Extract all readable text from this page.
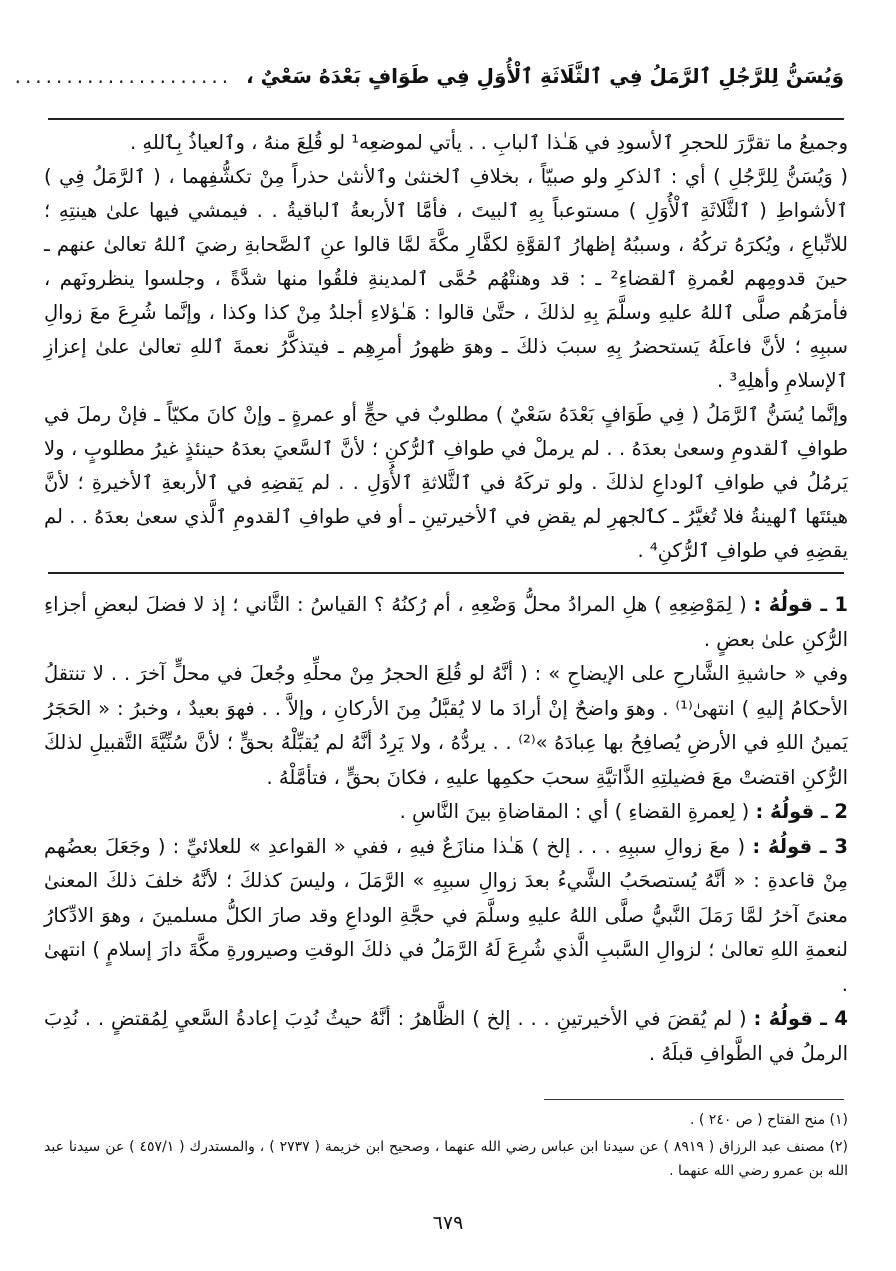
وَيُسَنُّ لِلرَّجُلِ ٱلرَّمَلُ فِي ٱلثَّلَاثَةِ ٱلْأُوَلِ فِي طَوَافٍ بَعْدَهُ سَعْيٌ ،
.....................

وجميعُ ما تقرَّرَ للحجرِ ٱلأسودِ في هَـٰذا ٱلبابِ . . يأتي لموضعِه¹ لو قُلِعَ منهُ ، وٱلعياذُ بِٱللهِ .

( وَيُسَنُّ لِلرَّجُلِ ) أي : ٱلذكرِ ولو صبيّاً ، بخلافِ ٱلخنثىٰ وٱلأنثىٰ حذراً مِنْ تكشُّفِهما ، ( ٱلرَّمَلُ فِي ) ٱلأشواطِ ( ٱلثَّلَاثَةِ ٱلْأُوَلِ ) مستوعباً بِهِ ٱلبيتَ ، فأمَّا ٱلأربعةُ ٱلباقيةُ . . فيمشي فيها علىٰ هينتِهِ ؛ للاتِّباعِ ، ويُكرَهُ تركُهُ ، وسببُهُ إظهارُ ٱلقوَّةِ لكفَّارِ مكَّةَ لمَّا قالوا عنِ ٱلصَّحابةِ رضيَ ٱللهُ تعالىٰ عنهم ـ حينَ قدومِهم لعُمرةِ ٱلقضاءِ² ـ : قد وهنتْهُم حُمَّى ٱلمدينةِ فلقُوا منها شدَّةً ، وجلسوا ينظرونَهم ، فأمرَهُم صلَّى ٱللهُ عليهِ وسلَّمَ بِهِ لذلكَ ، حتَّىٰ قالوا : هَـٰؤلاءِ أجلدُ مِنْ كذا وكذا ، وإنَّما شُرِعَ معَ زوالِ سببِهِ ؛ لأنَّ فاعلَهُ يَستحضرُ بِهِ سببَ ذلكَ ـ وهوَ ظهورُ أمرِهِم ـ فيتذكَّرُ نعمةَ ٱللهِ تعالىٰ علىٰ إعزازِ ٱلإسلامِ وأهلِهِ³ .

وإنَّما يُسَنُّ ٱلرَّمَلُ ( فِي طَوَافٍ بَعْدَهُ سَعْيٌ ) مطلوبٌ في حجٍّ أو عمرةٍ ـ وإنْ كانَ مكيّاً ـ فإنْ رملَ في طوافِ ٱلقدومِ وسعىٰ بعدَهُ . . لم يرملْ في طوافِ ٱلرُّكنِ ؛ لأنَّ ٱلسَّعيَ بعدَهُ حينئذٍ غيرُ مطلوبٍ ، ولا يَرمُلُ في طوافِ ٱلوداعِ لذلكَ . ولو تركَهُ في ٱلثَّلاثةِ ٱلأُوَلِ . . لم يَقضِهِ في ٱلأربعةِ ٱلأخيرةِ ؛ لأنَّ هيئتَها ٱلهينةُ فلا تُغيَّرُ ـ كٱلجهرِ لم يقضِ في ٱلأخيرتينِ ـ أو في طوافِ ٱلقدومِ ٱلَّذي سعىٰ بعدَهُ . . لم يقضِهِ في طوافِ ٱلرُّكنِ⁴ .

1 ـ قولُهُ : ( لِمَوْضِعِهِ ) هلِ المرادُ محلُّ وَضْعِهِ ، أم رُكنُهُ ؟ القياسُ : الثَّاني ؛ إذ لا فضلَ لبعضِ أجزاءِ الرُّكنِ علىٰ بعضٍ .

وفي « حاشيةِ الشَّارحِ على الإيضاحِ » : ( أنَّهُ لو قُلِعَ الحجرُ مِنْ محلِّهِ وجُعلَ في محلٍّ آخرَ . . لا تنتقلُ الأحكامُ إليهِ ) انتهىٰ⁽¹⁾ . وهوَ واضحٌ إنْ أرادَ ما لا يُقبَّلُ مِنَ الأركانِ ، وإلاَّ . . فهوَ بعيدٌ ، وخبرُ : « الحَجَرُ يَمينُ اللهِ في الأرضِ يُصافِحُ بها عِبادَهُ »⁽²⁾ . . يردُّهُ ، ولا يَرِدُ أنَّهُ لم يُقبِّلْهُ بحقٍّ ؛ لأنَّ سُنِّيَّةَ التَّقبيلِ لذلكَ الرُّكنِ اقتضتْ معَ فضيلتِهِ الذَّاتيَّةِ سحبَ حكمِها عليهِ ، فكانَ بحقٍّ ، فتأمَّلْهُ .

2 ـ قولُهُ : ( لِعمرةِ القضاءِ ) أي : المقاضاةِ بينَ النَّاسِ .

3 ـ قولُهُ : ( معَ زوالِ سببِهِ . . . إلخ ) هَـٰذا منازَعٌ فيهِ ، ففي « القواعدِ » للعلائيِّ : ( وجَعَلَ بعضُهم مِنْ قاعدةِ : « أنَّهُ يُستصحَبُ الشَّيءُ بعدَ زوالِ سببِهِ » الرَّمَلَ ، وليسَ كذلكَ ؛ لأنَّهُ خلفَ ذلكَ المعنىٰ معنىً آخرُ لمَّا رَمَلَ النَّبيُّ صلَّى اللهُ عليهِ وسلَّمَ في حجَّةِ الوداعِ وقد صارَ الكلُّ مسلمينَ ، وهوَ الادِّكارُ لنعمةِ اللهِ تعالىٰ ؛ لزوالِ السَّببِ الَّذي شُرِعَ لَهُ الرَّمَلُ في ذلكَ الوقتِ وصيرورةِ مكَّةَ دارَ إسلامٍ ) انتهىٰ .

4 ـ قولُهُ : ( لم يُقضَ في الأخيرتينِ . . . إلخ ) الظَّاهرُ : أنَّهُ حيثُ نُدِبَ إعادةُ السَّعيِ لِمُقتضٍ . . نُدِبَ الرملُ في الطَّوافِ قبلَهُ .

(١) منح الفتاح ( ص ٢٤٠ ) .

(٢) مصنف عبد الرزاق ( ٨٩١٩ ) عن سيدنا ابن عباس رضي الله عنهما ، وصحيح ابن خزيمة ( ٢٧٣٧ ) ، والمستدرك ( ٤٥٧/١ ) عن سيدنا عبد الله بن عمرو رضي الله عنهما .

٦٧٩
